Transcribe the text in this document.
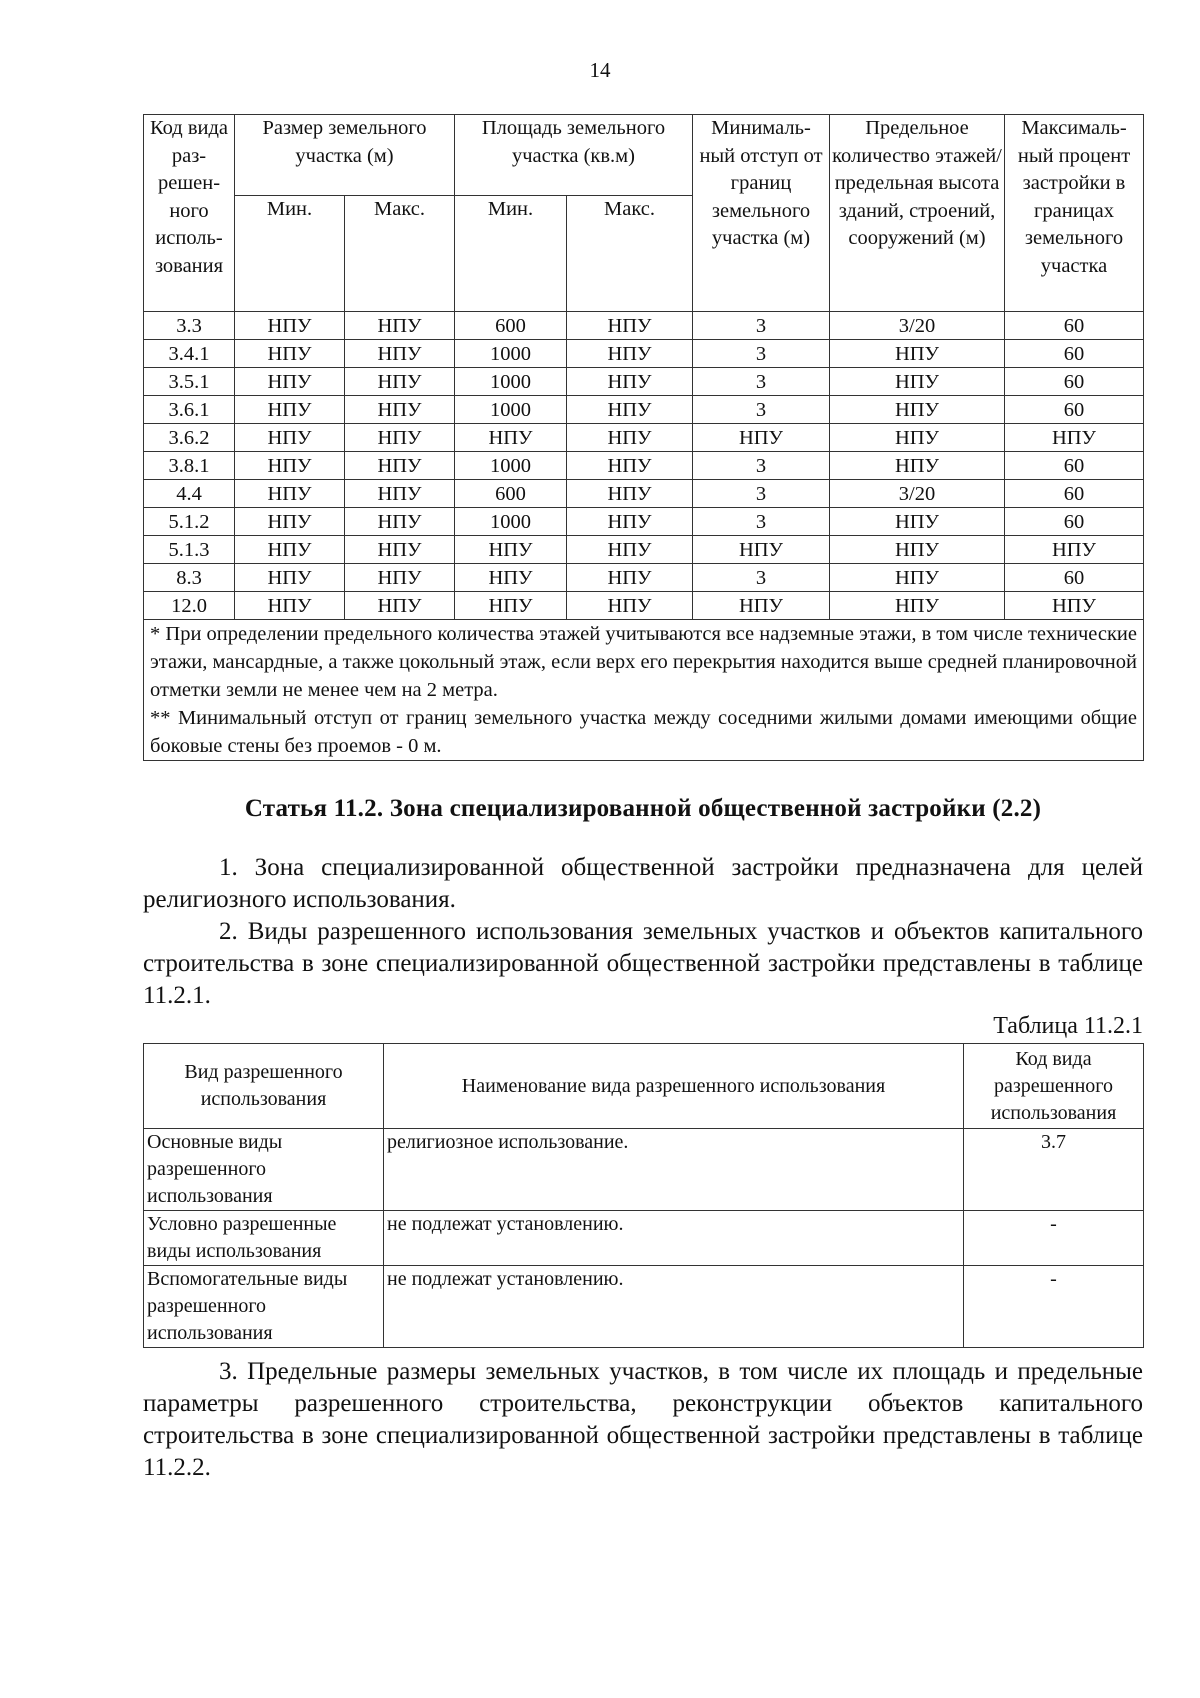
14
Код вида раз-решен-ного исполь-зования	Размер земельного участка (м)		Площадь земельного участка (кв.м)		Минималь-ный отступ от границ земельного участка (м)	Предельное количество этажей/ предельная высота зданий, строений, сооружений (м)	Максималь-ный процент застройки в границах земельного участка
	Мин.	Макс.	Мин.	Макс.			
3.3	НПУ	НПУ	600	НПУ	3	3/20	60
3.4.1	НПУ	НПУ	1000	НПУ	3	НПУ	60
3.5.1	НПУ	НПУ	1000	НПУ	3	НПУ	60
3.6.1	НПУ	НПУ	1000	НПУ	3	НПУ	60
3.6.2	НПУ	НПУ	НПУ	НПУ	НПУ	НПУ	НПУ
3.8.1	НПУ	НПУ	1000	НПУ	3	НПУ	60
4.4	НПУ	НПУ	600	НПУ	3	3/20	60
5.1.2	НПУ	НПУ	1000	НПУ	3	НПУ	60
5.1.3	НПУ	НПУ	НПУ	НПУ	НПУ	НПУ	НПУ
8.3	НПУ	НПУ	НПУ	НПУ	3	НПУ	60
12.0	НПУ	НПУ	НПУ	НПУ	НПУ	НПУ	НПУ

* При определении предельного количества этажей учитываются все надземные этажи, в том числе технические этажи, мансардные, а также цокольный этаж, если верх его перекрытия находится выше средней планировочной отметки земли не менее чем на 2 метра.
** Минимальный отступ от границ земельного участка между соседними жилыми домами имеющими общие боковые стены без проемов - 0 м.							
Статья 11.2. Зона специализированной общественной застройки (2.2)
1. Зона специализированной общественной застройки предназначена для целей религиозного использования.
2. Виды разрешенного использования земельных участков и объектов капитального строительства в зоне специализированной общественной застройки представлены в таблице 11.2.1.
Таблица 11.2.1
Вид разрешенного использования	Наименование вида разрешенного использования	Код вида разрешенного использования
Основные виды разрешенного использования	религиозное использование.	3.7
Условно разрешенные виды использования	не подлежат установлению.	-
Вспомогательные виды разрешенного использования	не подлежат установлению.	-
3. Предельные размеры земельных участков, в том числе их площадь и предельные параметры разрешенного строительства, реконструкции объектов капитального строительства в зоне специализированной общественной застройки представлены в таблице 11.2.2.
